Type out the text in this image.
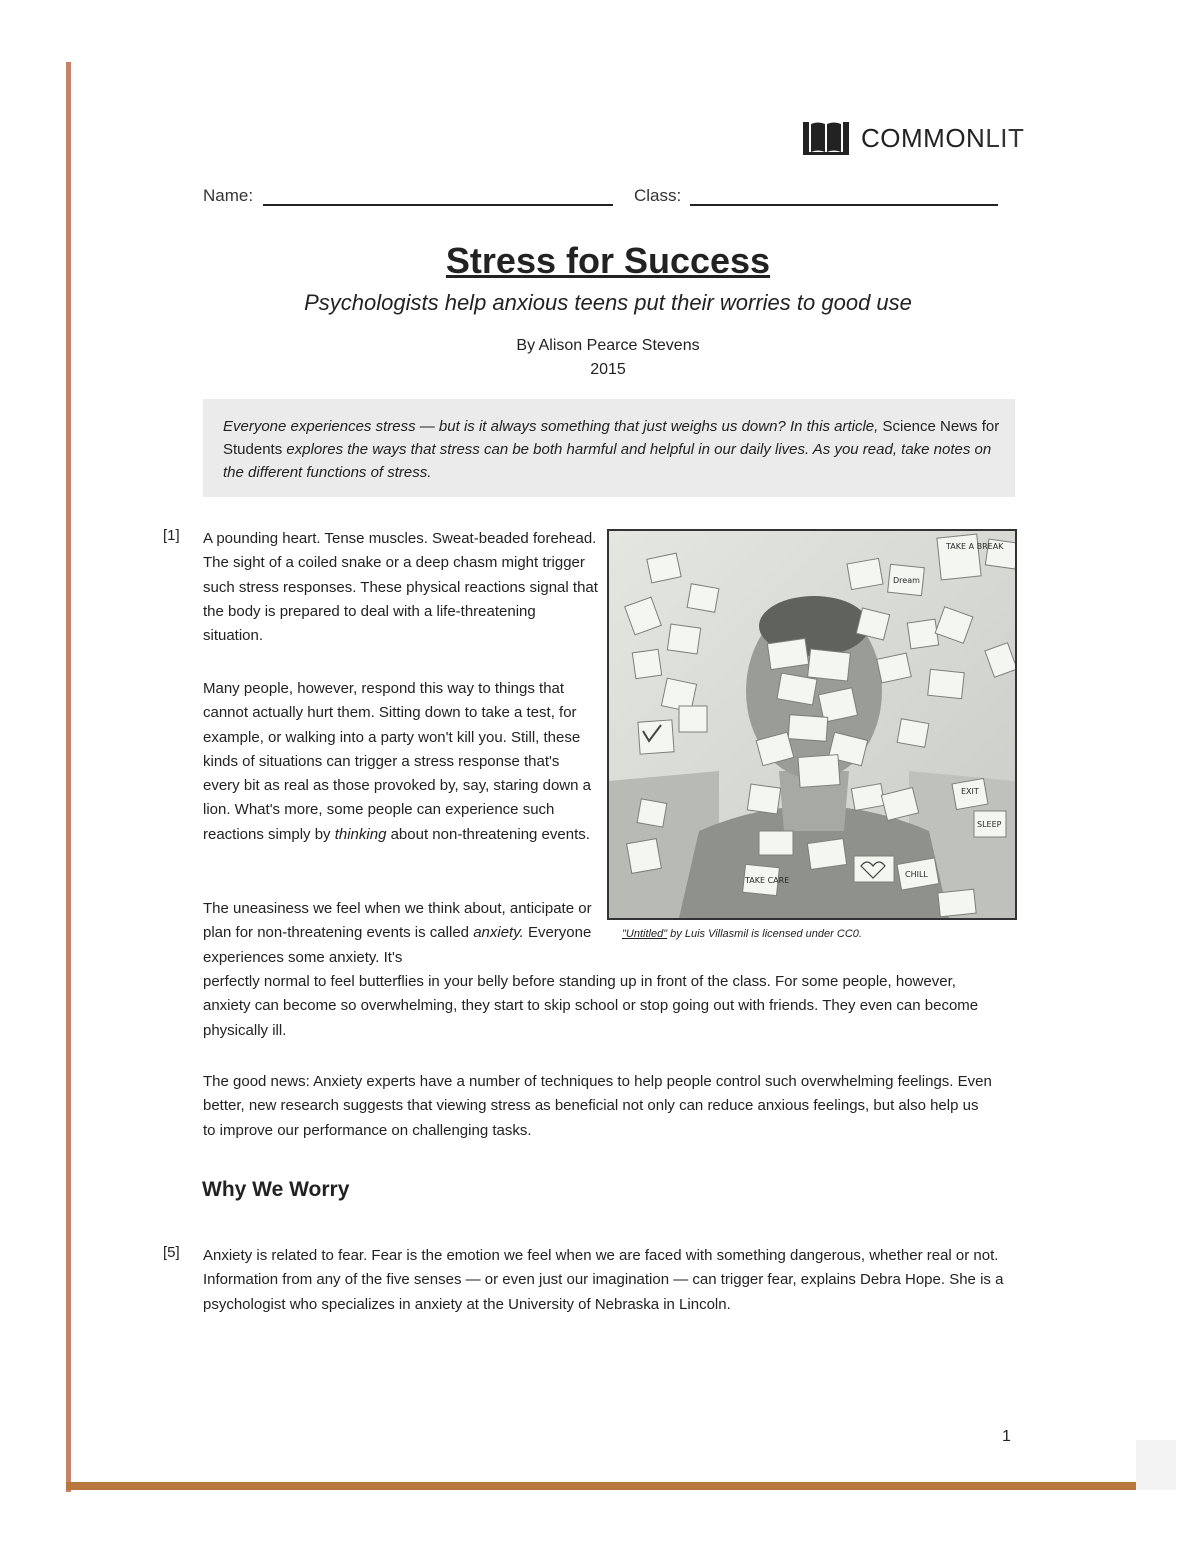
COMMONLIT
Name:	Class:
Stress for Success
Psychologists help anxious teens put their worries to good use
By Alison Pearce Stevens
2015
Everyone experiences stress — but is it always something that just weighs us down? In this article, Science News for Students explores the ways that stress can be both harmful and helpful in our daily lives. As you read, take notes on the different functions of stress.
[1] A pounding heart. Tense muscles. Sweat-beaded forehead. The sight of a coiled snake or a deep chasm might trigger such stress responses. These physical reactions signal that the body is prepared to deal with a life-threatening situation.

Many people, however, respond this way to things that cannot actually hurt them. Sitting down to take a test, for example, or walking into a party won't kill you. Still, these kinds of situations can trigger a stress response that's every bit as real as those provoked by, say, staring down a lion. What's more, some people can experience such reactions simply by thinking about non-threatening events.

The uneasiness we feel when we think about, anticipate or plan for non-threatening events is called anxiety. Everyone experiences some anxiety. It's

perfectly normal to feel butterflies in your belly before standing up in front of the class. For some people, however, anxiety can become so overwhelming, they start to skip school or stop going out with friends. They even can become physically ill.

The good news: Anxiety experts have a number of techniques to help people control such overwhelming feelings. Even better, new research suggests that viewing stress as beneficial not only can reduce anxious feelings, but also help us to improve our performance on challenging tasks.

Why We Worry
[5] Anxiety is related to fear. Fear is the emotion we feel when we are faced with something dangerous, whether real or not. Information from any of the five senses — or even just our imagination — can trigger fear, explains Debra Hope. She is a psychologist who specializes in anxiety at the University of Nebraska in Lincoln.

TAKE A BREAK
Dream
EXIT
SLEEP
CHILL
TAKE CARE
"Untitled" by Luis Villasmil is licensed under CC0.
1
